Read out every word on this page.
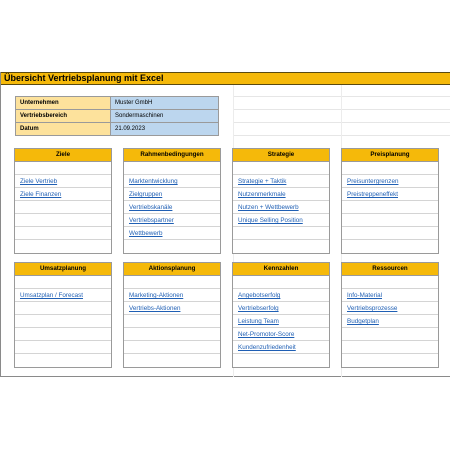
Übersicht Vertriebsplanung mit Excel
Unternehmen	Muster GmbH
Vertriebsbereich	Sondermaschinen
Datum	21.09.2023
Ziele
Ziele Vertrieb
Ziele Finanzen
Rahmenbedingungen
Marktentwicklung
Zielgruppen
Vertriebskanäle
Vertriebspartner
Wettbewerb
Strategie
Strategie + Taktik
Nutzenmerkmale
Nutzen + Wettbewerb
Unique Selling Position
Preisplanung
Preisuntergrenzen
Preistreppeneffekt
Umsatzplanung
Umsatzplan / Forecast
Aktionsplanung
Marketing-Aktionen
Vertriebs-Aktionen
Kennzahlen
Angebotserfolg
Vertriebserfolg
Leistung Team
Net-Promotor-Score
Kundenzufriedenheit
Ressourcen
Info-Material
Vertriebsprozesse
Budgetplan
